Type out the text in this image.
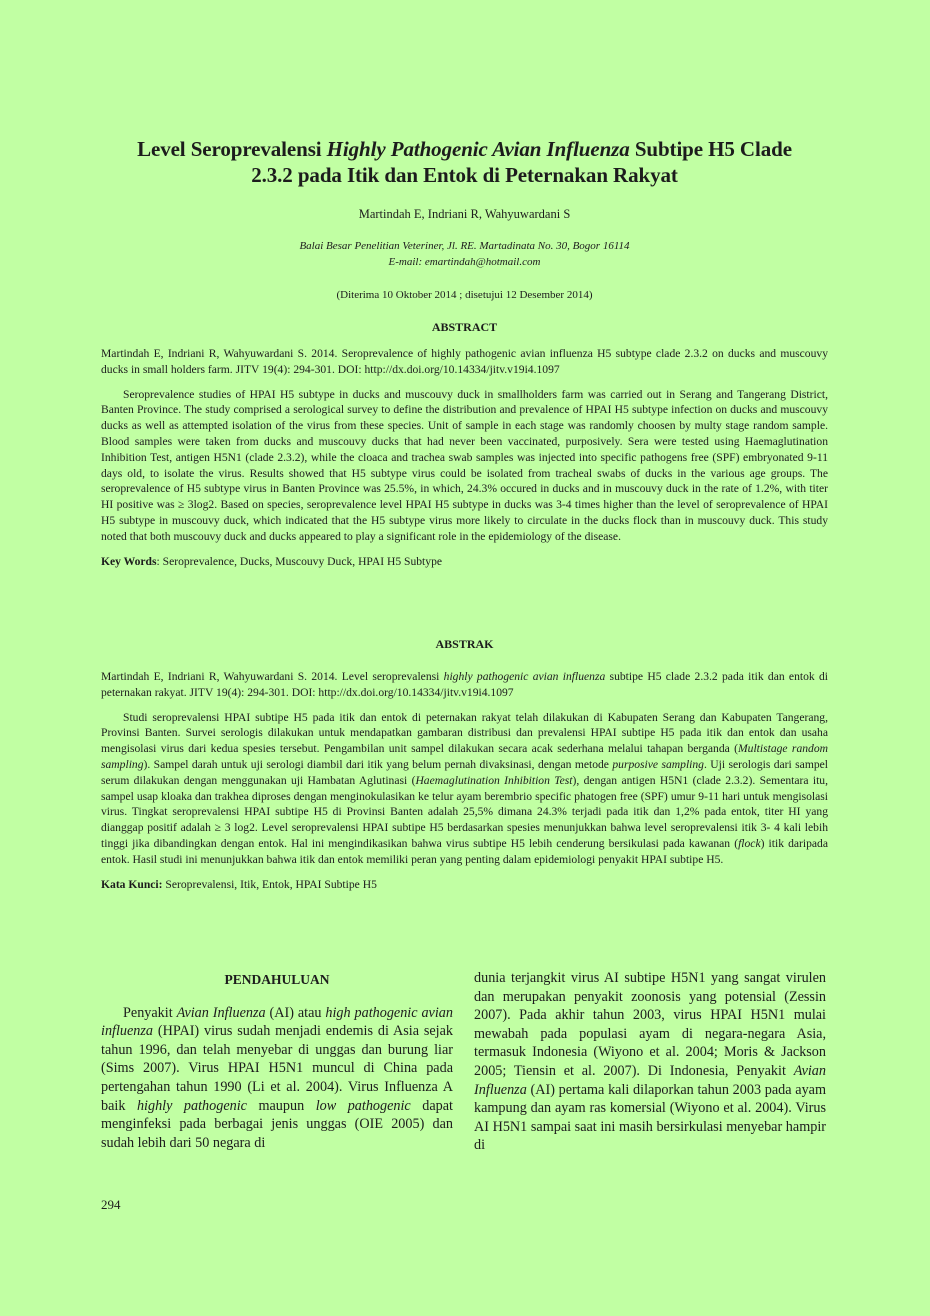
Level Seroprevalensi Highly Pathogenic Avian Influenza Subtipe H5 Clade
2.3.2 pada Itik dan Entok di Peternakan Rakyat
Martindah E, Indriani R, Wahyuwardani S
Balai Besar Penelitian Veteriner, Jl. RE. Martadinata No. 30, Bogor 16114
E-mail: emartindah@hotmail.com
(Diterima 10 Oktober 2014 ; disetujui 12 Desember 2014)
ABSTRACT

Martindah E, Indriani R, Wahyuwardani S. 2014. Seroprevalence of highly pathogenic avian influenza H5 subtype clade 2.3.2 on ducks and muscouvy ducks in small holders farm. JITV 19(4): 294-301. DOI: http://dx.doi.org/10.14334/jitv.v19i4.1097

Seroprevalence studies of HPAI H5 subtype in ducks and muscouvy duck in smallholders farm was carried out in Serang and Tangerang District, Banten Province. The study comprised a serological survey to define the distribution and prevalence of HPAI H5 subtype infection on ducks and muscouvy ducks as well as attempted isolation of the virus from these species. Unit of sample in each stage was randomly choosen by multy stage random sample. Blood samples were taken from ducks and muscouvy ducks that had never been vaccinated, purposively. Sera were tested using Haemaglutination Inhibition Test, antigen H5N1 (clade 2.3.2), while the cloaca and trachea swab samples was injected into specific pathogens free (SPF) embryonated 9-11 days old, to isolate the virus. Results showed that H5 subtype virus could be isolated from tracheal swabs of ducks in the various age groups. The seroprevalence of H5 subtype virus in Banten Province was 25.5%, in which, 24.3% occured in ducks and in muscouvy duck in the rate of 1.2%, with titer HI positive was ≥ 3log2. Based on species, seroprevalence level HPAI H5 subtype in ducks was 3-4 times higher than the level of seroprevalence of HPAI H5 subtype in muscouvy duck, which indicated that the H5 subtype virus more likely to circulate in the ducks flock than in muscouvy duck. This study noted that both muscouvy duck and ducks appeared to play a significant role in the epidemiology of the disease.

Key Words: Seroprevalence, Ducks, Muscouvy Duck, HPAI H5 Subtype

ABSTRAK

Martindah E, Indriani R, Wahyuwardani S. 2014. Level seroprevalensi highly pathogenic avian influenza subtipe H5 clade 2.3.2 pada itik dan entok di peternakan rakyat. JITV 19(4): 294-301. DOI: http://dx.doi.org/10.14334/jitv.v19i4.1097

Studi seroprevalensi HPAI subtipe H5 pada itik dan entok di peternakan rakyat telah dilakukan di Kabupaten Serang dan Kabupaten Tangerang, Provinsi Banten. Survei serologis dilakukan untuk mendapatkan gambaran distribusi dan prevalensi HPAI subtipe H5 pada itik dan entok dan usaha mengisolasi virus dari kedua spesies tersebut. Pengambilan unit sampel dilakukan secara acak sederhana melalui tahapan berganda (Multistage random sampling). Sampel darah untuk uji serologi diambil dari itik yang belum pernah divaksinasi, dengan metode purposive sampling. Uji serologis dari sampel serum dilakukan dengan menggunakan uji Hambatan Aglutinasi (Haemaglutination Inhibition Test), dengan antigen H5N1 (clade 2.3.2). Sementara itu, sampel usap kloaka dan trakhea diproses dengan menginokulasikan ke telur ayam berembrio specific phatogen free (SPF) umur 9-11 hari untuk mengisolasi virus. Tingkat seroprevalensi HPAI subtipe H5 di Provinsi Banten adalah 25,5% dimana 24.3% terjadi pada itik dan 1,2% pada entok, titer HI yang dianggap positif adalah ≥ 3 log2. Level seroprevalensi HPAI subtipe H5 berdasarkan spesies menunjukkan bahwa level seroprevalensi itik 3- 4 kali lebih tinggi jika dibandingkan dengan entok. Hal ini mengindikasikan bahwa virus subtipe H5 lebih cenderung bersikulasi pada kawanan (flock) itik daripada entok. Hasil studi ini menunjukkan bahwa itik dan entok memiliki peran yang penting dalam epidemiologi penyakit HPAI subtipe H5.

Kata Kunci: Seroprevalensi, Itik, Entok, HPAI Subtipe H5

PENDAHULUAN

Penyakit Avian Influenza (AI) atau high pathogenic avian influenza (HPAI) virus sudah menjadi endemis di Asia sejak tahun 1996, dan telah menyebar di unggas dan burung liar (Sims 2007). Virus HPAI H5N1 muncul di China pada pertengahan tahun 1990 (Li et al. 2004). Virus Influenza A baik highly pathogenic maupun low pathogenic dapat menginfeksi pada berbagai jenis unggas (OIE 2005) dan sudah lebih dari 50 negara di

dunia terjangkit virus AI subtipe H5N1 yang sangat virulen dan merupakan penyakit zoonosis yang potensial (Zessin 2007). Pada akhir tahun 2003, virus HPAI H5N1 mulai mewabah pada populasi ayam di negara-negara Asia, termasuk Indonesia (Wiyono et al. 2004; Moris & Jackson 2005; Tiensin et al. 2007). Di Indonesia, Penyakit Avian Influenza (AI) pertama kali dilaporkan tahun 2003 pada ayam kampung dan ayam ras komersial (Wiyono et al. 2004). Virus AI H5N1 sampai saat ini masih bersirkulasi menyebar hampir di

294
